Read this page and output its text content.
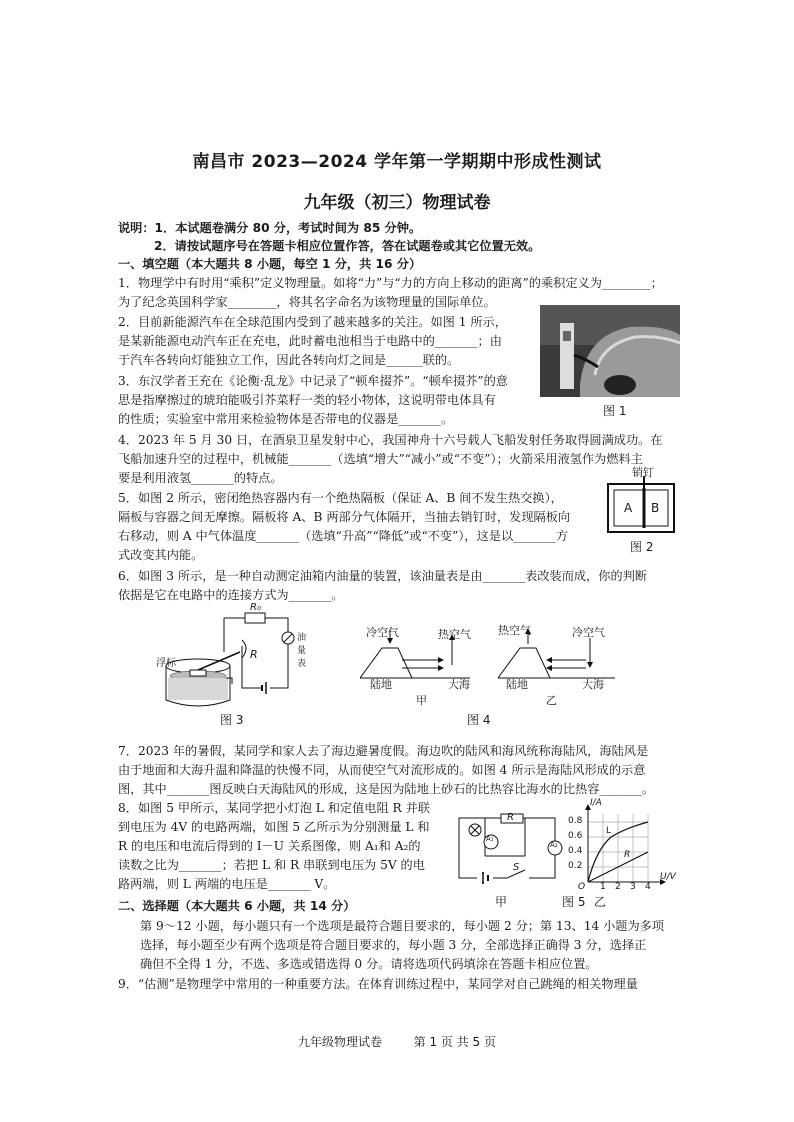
南昌市 2023—2024 学年第一学期期中形成性测试
九年级（初三）物理试卷
说明：1．本试题卷满分 80 分，考试时间为 85 分钟。
2．请按试题序号在答题卡相应位置作答，答在试题卷或其它位置无效。
一、填空题（本大题共 8 小题，每空 1 分，共 16 分）
1．物理学中有时用“乘积”定义物理量。如将“力”与“力的方向上移动的距离”的乘积定义为________；
为了纪念英国科学家________，将其名字命名为该物理量的国际单位。
2．目前新能源汽车在全球范围内受到了越来越多的关注。如图 1 所示，
是某新能源电动汽车正在充电，此时蓄电池相当于电路中的_______；由
于汽车各转向灯能独立工作，因此各转向灯之间是______联的。
3．东汉学者王充在《论衡·乱龙》中记录了“顿牟掇芥”。“顿牟掇芥”的意
思是指摩擦过的琥珀能吸引芥菜籽一类的轻小物体，这说明带电体具有
的性质；实验室中常用来检验物体是否带电的仪器是_______。
图 1
4．2023 年 5 月 30 日，在酒泉卫星发射中心，我国神舟十六号载人飞船发射任务取得圆满成功。在
飞船加速升空的过程中，机械能_______（选填“增大”“减小”或“不变”）；火箭采用液氢作为燃料主
要是利用液氢_______的特点。
5．如图 2 所示，密闭绝热容器内有一个绝热隔板（保证 A、B 间不发生热交换），
隔板与容器之间无摩擦。隔板将 A、B 两部分气体隔开，当抽去销钉时，发现隔板向
右移动，则 A 中气体温度_______（选填“升高”“降低”或“不变”），这是以_______方
式改变其内能。
销钉
A B
图 2
6．如图 3 所示，是一种自动测定油箱内油量的装置，该油量表是由_______表改装而成，你的判断
依据是它在电路中的连接方式为_______。
浮标
R₀
R
油量表
图 3
冷空气	热空气
陆地	大海
甲
热空气	冷空气
陆地	大海
乙
图 4
7．2023 年的暑假，某同学和家人去了海边避暑度假。海边吹的陆风和海风统称海陆风，海陆风是
由于地面和大海升温和降温的快慢不同，从而使空气对流形成的。如图 4 所示是海陆风形成的示意
图，其中_______图反映白天海陆风的形成，这是因为陆地上砂石的比热容比海水的比热容_______。
8．如图 5 甲所示，某同学把小灯泡 L 和定值电阻 R 并联
到电压为 4V 的电路两端，如图 5 乙所示为分别测量 L 和
R 的电压和电流后得到的 I－U 关系图像，则 A₁和 A₂的
读数之比为_______；若把 L 和 R 串联到电压为 5V 的电
路两端，则 L 两端的电压是_______ V。
R
A₁
A₂
S
甲
I/A
U/V
0.8
0.6
0.4
0.2
O 1 2 3 4
L
R
图 5 乙
二、选择题（本大题共 6 小题，共 14 分）
第 9～12 小题，每小题只有一个选项是最符合题目要求的，每小题 2 分；第 13、14 小题为多项
选择，每小题至少有两个选项是符合题目要求的，每小题 3 分，全部选择正确得 3 分，选择正
确但不全得 1 分，不选、多选或错选得 0 分。请将选项代码填涂在答题卡相应位置。
9．“估测”是物理学中常用的一种重要方法。在体育训练过程中，某同学对自己跳绳的相关物理量
九年级物理试卷	第 1 页 共 5 页
